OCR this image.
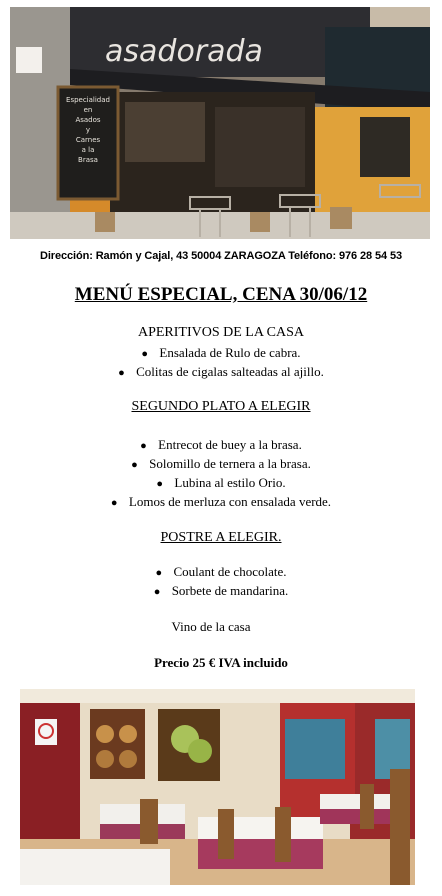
asadorada
Especialidad
en
Asados
y
Carnes
a la
Brasa
Dirección: Ramón y Cajal, 43 50004 ZARAGOZA Teléfono: 976 28 54 53
MENÚ ESPECIAL, CENA 30/06/12
APERITIVOS DE LA CASA
● Ensalada de Rulo de cabra.
● Colitas de cigalas salteadas al ajillo.
SEGUNDO PLATO A ELEGIR
● Entrecot de buey a la brasa.
● Solomillo de ternera a la brasa.
● Lubina al estilo Orio.
● Lomos de merluza con ensalada verde.
POSTRE A ELEGIR.
● Coulant de chocolate.
● Sorbete de mandarina.
Vino de la casa
Precio 25 € IVA incluido
